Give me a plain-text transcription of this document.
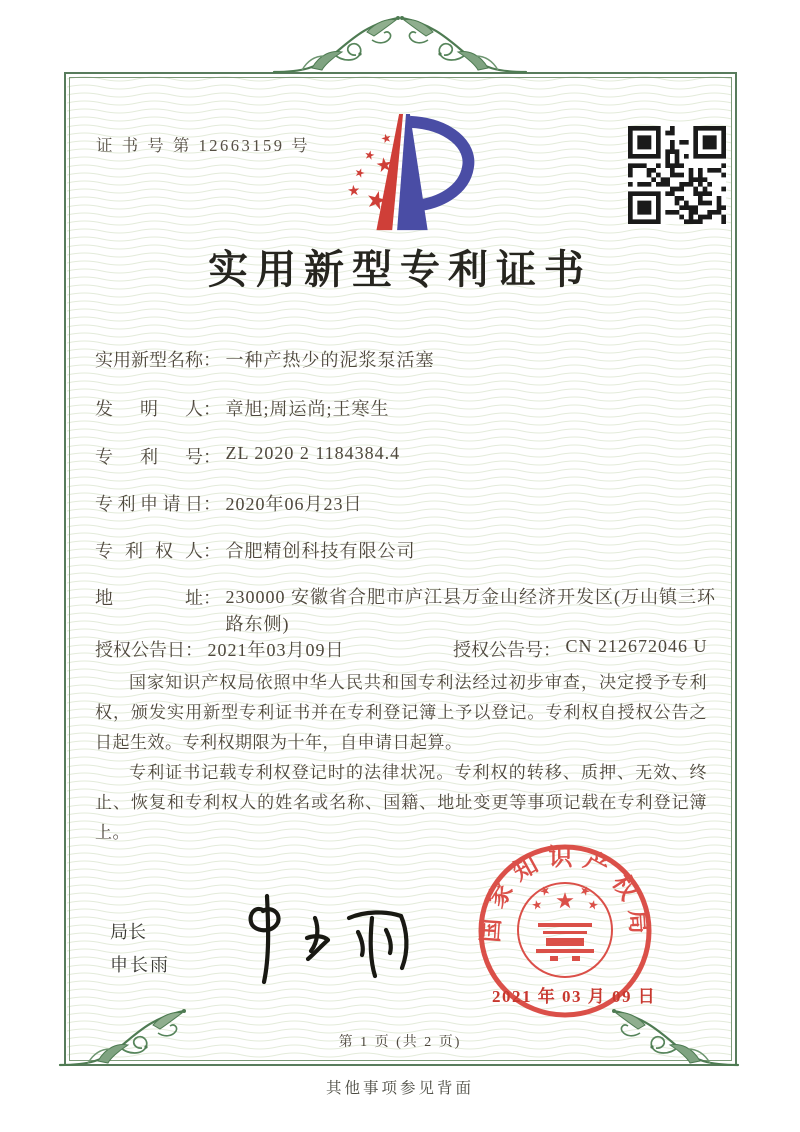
证 书 号 第 12663159 号
实用新型专利证书
实用新型名称： 一种产热少的泥浆泵活塞
发明人： 章旭;周运尚;王寒生
专利号： ZL 2020 2 1184384.4
专利申请日： 2020年06月23日
专利权人： 合肥精创科技有限公司
地址： 230000 安徽省合肥市庐江县万金山经济开发区(万山镇三环路东侧)
授权公告日： 2021年03月09日	授权公告号： CN 212672046 U

国家知识产权局依照中华人民共和国专利法经过初步审查，决定授予专利权，颁发实用新型专利证书并在专利登记簿上予以登记。专利权自授权公告之日起生效。专利权期限为十年，自申请日起算。

专利证书记载专利权登记时的法律状况。专利权的转移、质押、无效、终止、恢复和专利权人的姓名或名称、国籍、地址变更等事项记载在专利登记簿上。

局长
申长雨
国家知识产权局
2021 年 03 月 09 日
第 1 页 (共 2 页)
其他事项参见背面
